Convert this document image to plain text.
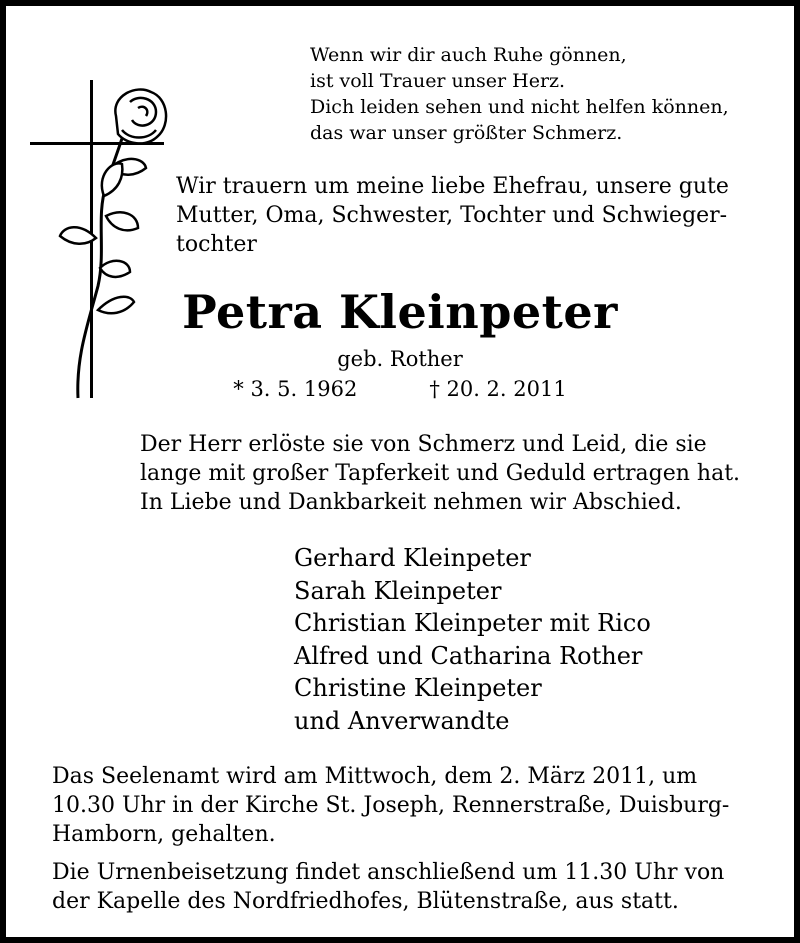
Wenn wir dir auch Ruhe gönnen,
ist voll Trauer unser Herz.
Dich leiden sehen und nicht helfen können,
das war unser größter Schmerz.
Wir trauern um meine liebe Ehefrau, unsere gute
Mutter, Oma, Schwester, Tochter und Schwieger-
tochter
Petra Kleinpeter
geb. Rother
* 3. 5. 1962	† 20. 2. 2011
Der Herr erlöste sie von Schmerz und Leid, die sie
lange mit großer Tapferkeit und Geduld ertragen hat.
In Liebe und Dankbarkeit nehmen wir Abschied.
Gerhard Kleinpeter
Sarah Kleinpeter
Christian Kleinpeter mit Rico
Alfred und Catharina Rother
Christine Kleinpeter
und Anverwandte
Das Seelenamt wird am Mittwoch, dem 2. März 2011, um
10.30 Uhr in der Kirche St. Joseph, Rennerstraße, Duisburg-
Hamborn, gehalten.
Die Urnenbeisetzung findet anschließend um 11.30 Uhr von
der Kapelle des Nordfriedhofes, Blütenstraße, aus statt.
